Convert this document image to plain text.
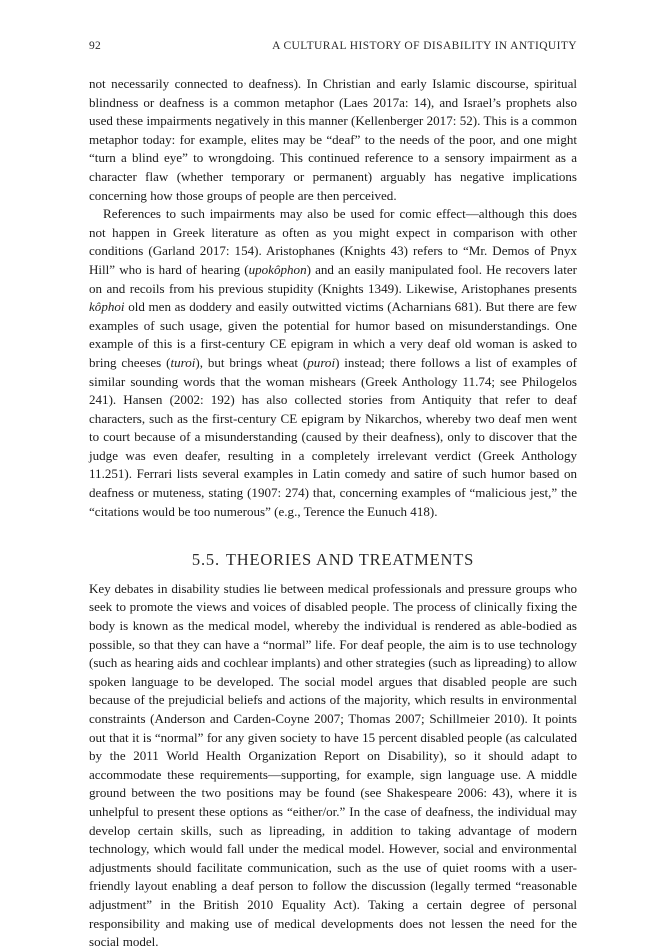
92	A CULTURAL HISTORY OF DISABILITY IN ANTIQUITY

not necessarily connected to deafness). In Christian and early Islamic discourse, spiritual blindness or deafness is a common metaphor (Laes 2017a: 14), and Israel’s prophets also used these impairments negatively in this manner (Kellenberger 2017: 52). This is a common metaphor today: for example, elites may be “deaf” to the needs of the poor, and one might “turn a blind eye” to wrongdoing. This continued reference to a sensory impairment as a character flaw (whether temporary or permanent) arguably has negative implications concerning how those groups of people are then perceived.

References to such impairments may also be used for comic effect—although this does not happen in Greek literature as often as you might expect in comparison with other conditions (Garland 2017: 154). Aristophanes (Knights 43) refers to “Mr. Demos of Pnyx Hill” who is hard of hearing (upokôphon) and an easily manipulated fool. He recovers later on and recoils from his previous stupidity (Knights 1349). Likewise, Aristophanes presents kôphoi old men as doddery and easily outwitted victims (Acharnians 681). But there are few examples of such usage, given the potential for humor based on misunderstandings. One example of this is a first-century CE epigram in which a very deaf old woman is asked to bring cheeses (turoi), but brings wheat (puroi) instead; there follows a list of examples of similar sounding words that the woman mishears (Greek Anthology 11.74; see Philogelos 241). Hansen (2002: 192) has also collected stories from Antiquity that refer to deaf characters, such as the first-century CE epigram by Nikarchos, whereby two deaf men went to court because of a misunderstanding (caused by their deafness), only to discover that the judge was even deafer, resulting in a completely irrelevant verdict (Greek Anthology 11.251). Ferrari lists several examples in Latin comedy and satire of such humor based on deafness or muteness, stating (1907: 274) that, concerning examples of “malicious jest,” the “citations would be too numerous” (e.g., Terence the Eunuch 418).

5.5. THEORIES AND TREATMENTS

Key debates in disability studies lie between medical professionals and pressure groups who seek to promote the views and voices of disabled people. The process of clinically fixing the body is known as the medical model, whereby the individual is rendered as able-bodied as possible, so that they can have a “normal” life. For deaf people, the aim is to use technology (such as hearing aids and cochlear implants) and other strategies (such as lipreading) to allow spoken language to be developed. The social model argues that disabled people are such because of the prejudicial beliefs and actions of the majority, which results in environmental constraints (Anderson and Carden-Coyne 2007; Thomas 2007; Schillmeier 2010). It points out that it is “normal” for any given society to have 15 percent disabled people (as calculated by the 2011 World Health Organization Report on Disability), so it should adapt to accommodate these requirements—supporting, for example, sign language use. A middle ground between the two positions may be found (see Shakespeare 2006: 43), where it is unhelpful to present these options as “either/or.” In the case of deafness, the individual may develop certain skills, such as lipreading, in addition to taking advantage of modern technology, which would fall under the medical model. However, social and environmental adjustments should facilitate communication, such as the use of quiet rooms with a user-friendly layout enabling a deaf person to follow the discussion (legally termed “reasonable adjustment” in the British 2010 Equality Act). Taking a certain degree of personal responsibility and making use of medical developments does not lessen the need for the social model.
